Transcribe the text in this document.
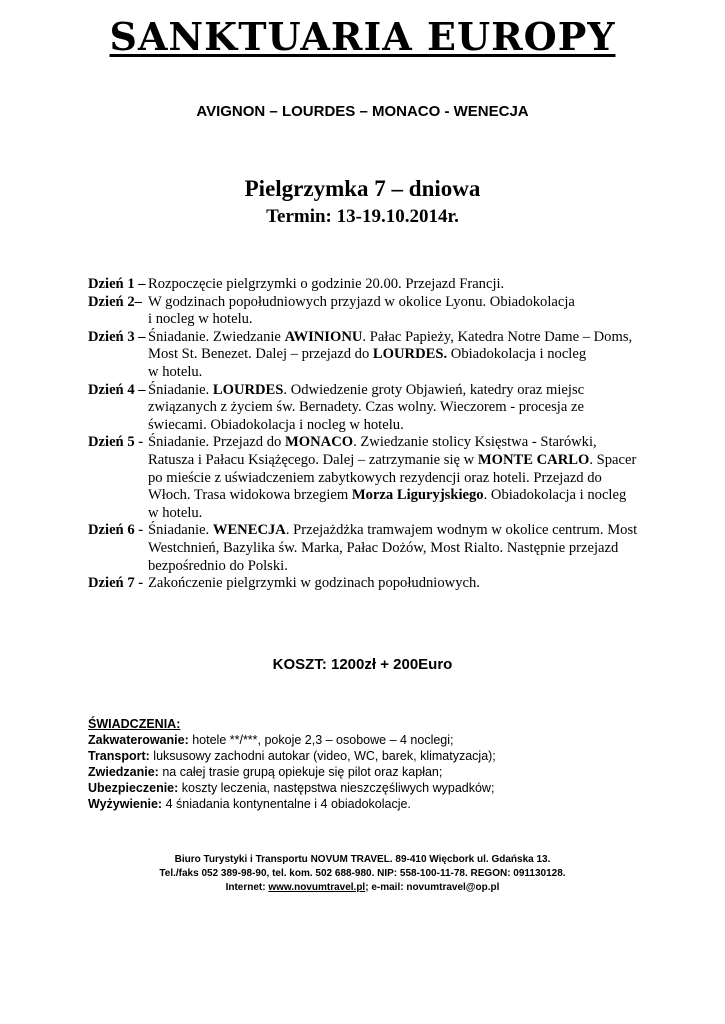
SANKTUARIA EUROPY
AVIGNON – LOURDES – MONACO - WENECJA
Pielgrzymka 7 – dniowa
Termin: 13-19.10.2014r.
Dzień 1 – Rozpoczęcie pielgrzymki o godzinie 20.00. Przejazd Francji.
Dzień 2– W godzinach popołudniowych przyjazd w okolice Lyonu. Obiadokolacja
i nocleg w hotelu.
Dzień 3 – Śniadanie. Zwiedzanie AWINIONU. Pałac Papieży, Katedra Notre Dame – Doms,
Most St. Benezet. Dalej – przejazd do LOURDES. Obiadokolacja i nocleg
w hotelu.
Dzień 4 – Śniadanie. LOURDES. Odwiedzenie groty Objawień, katedry oraz miejsc
związanych z życiem św. Bernadety. Czas wolny. Wieczorem - procesja ze
świecami. Obiadokolacja i nocleg w hotelu.
Dzień 5 - Śniadanie. Przejazd do MONACO. Zwiedzanie stolicy Księstwa - Starówki,
Ratusza i Pałacu Książęcego. Dalej – zatrzymanie się w MONTE CARLO. Spacer
po mieście z uświadczeniem zabytkowych rezydencji oraz hoteli. Przejazd do
Włoch. Trasa widokowa brzegiem Morza Liguryjskiego. Obiadokolacja i nocleg
w hotelu.
Dzień 6 - Śniadanie. WENECJA. Przejażdżka tramwajem wodnym w okolice centrum. Most
Westchnień, Bazylika św. Marka, Pałac Dożów, Most Rialto. Następnie przejazd
bezpośrednio do Polski.
Dzień 7 - Zakończenie pielgrzymki w godzinach popołudniowych.
KOSZT: 1200zł + 200Euro
ŚWIADCZENIA:
Zakwaterowanie: hotele **/***, pokoje 2,3 – osobowe – 4 noclegi;
Transport: luksusowy zachodni autokar (video, WC, barek, klimatyzacja);
Zwiedzanie: na całej trasie grupą opiekuje się pilot oraz kapłan;
Ubezpieczenie: koszty leczenia, następstwa nieszczęśliwych wypadków;
Wyżywienie: 4 śniadania kontynentalne i 4 obiadokolacje.
Biuro Turystyki i Transportu NOVUM TRAVEL. 89-410 Więcbork ul. Gdańska 13.
Tel./faks 052 389-98-90, tel. kom. 502 688-980. NIP: 558-100-11-78. REGON: 091130128.
Internet: www.novumtravel.pl; e-mail: novumtravel@op.pl
